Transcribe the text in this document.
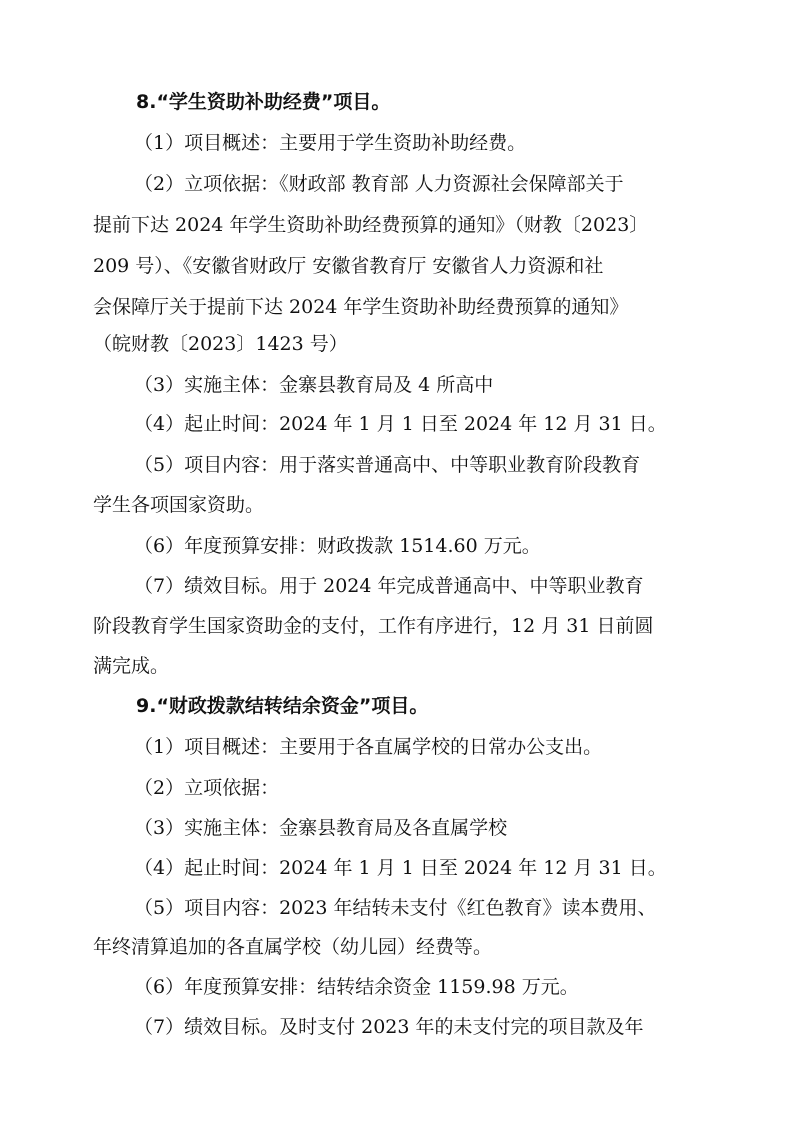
8.“学生资助补助经费”项目。
（1）项目概述：主要用于学生资助补助经费。
（2）立项依据：《财政部 教育部 人力资源社会保障部关于
提前下达 2024 年学生资助补助经费预算的通知》（财教〔2023〕
209 号）、《安徽省财政厅 安徽省教育厅 安徽省人力资源和社
会保障厅关于提前下达 2024 年学生资助补助经费预算的通知》
（皖财教〔2023〕1423 号）
（3）实施主体：金寨县教育局及 4 所高中
（4）起止时间：2024 年 1 月 1 日至 2024 年 12 月 31 日。
（5）项目内容：用于落实普通高中、中等职业教育阶段教育
学生各项国家资助。
（6）年度预算安排：财政拨款 1514.60 万元。
（7）绩效目标。用于 2024 年完成普通高中、中等职业教育
阶段教育学生国家资助金的支付，工作有序进行，12 月 31 日前圆
满完成。
9.“财政拨款结转结余资金”项目。
（1）项目概述：主要用于各直属学校的日常办公支出。
（2）立项依据：
（3）实施主体：金寨县教育局及各直属学校
（4）起止时间：2024 年 1 月 1 日至 2024 年 12 月 31 日。
（5）项目内容：2023 年结转未支付《红色教育》读本费用、
年终清算追加的各直属学校（幼儿园）经费等。
（6）年度预算安排：结转结余资金 1159.98 万元。
（7）绩效目标。及时支付 2023 年的未支付完的项目款及年
